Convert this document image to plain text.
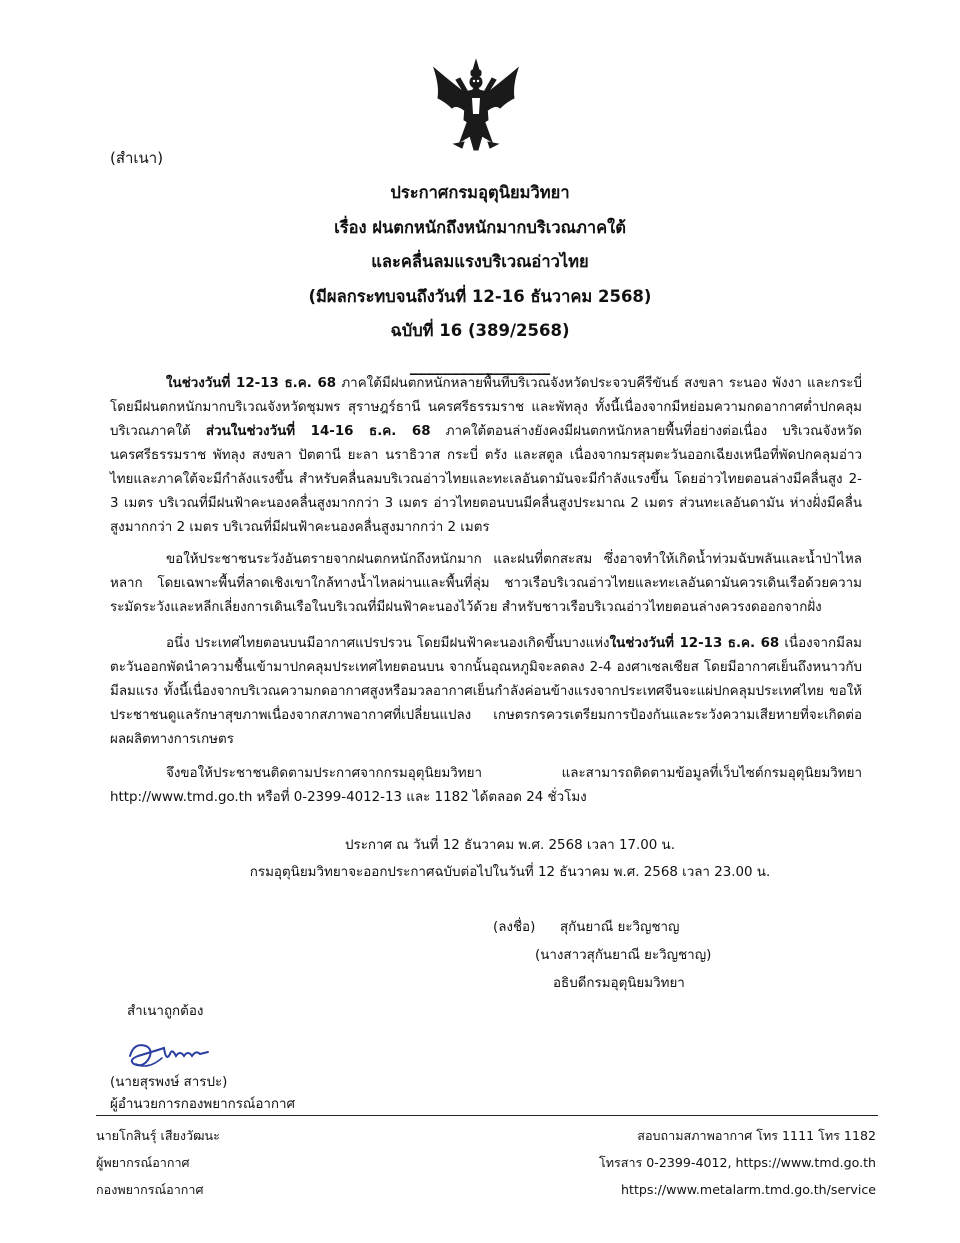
(สำเนา)
ประกาศกรมอุตุนิยมวิทยา
เรื่อง ฝนตกหนักถึงหนักมากบริเวณภาคใต้
และคลื่นลมแรงบริเวณอ่าวไทย
(มีผลกระทบจนถึงวันที่ 12-16 ธันวาคม 2568)
ฉบับที่ 16 (389/2568)
_________________
ในช่วงวันที่ 12-13 ธ.ค. 68 ภาคใต้มีฝนตกหนักหลายพื้นที่บริเวณจังหวัดประจวบคีรีขันธ์ สงขลา ระนอง พังงา และกระบี่ โดยมีฝนตกหนักมากบริเวณจังหวัดชุมพร สุราษฎร์ธานี นครศรีธรรมราช และพัทลุง ทั้งนี้เนื่องจากมีหย่อมความกดอากาศต่ำปกคลุมบริเวณภาคใต้ ส่วนในช่วงวันที่ 14-16 ธ.ค. 68 ภาคใต้ตอนล่างยังคงมีฝนตกหนักหลายพื้นที่อย่างต่อเนื่อง บริเวณจังหวัดนครศรีธรรมราช พัทลุง สงขลา ปัตตานี ยะลา นราธิวาส กระบี่ ตรัง และสตูล เนื่องจากมรสุมตะวันออกเฉียงเหนือที่พัดปกคลุมอ่าวไทยและภาคใต้จะมีกำลังแรงขึ้น สำหรับคลื่นลมบริเวณอ่าวไทยและทะเลอันดามันจะมีกำลังแรงขึ้น โดยอ่าวไทยตอนล่างมีคลื่นสูง 2-3 เมตร บริเวณที่มีฝนฟ้าคะนองคลื่นสูงมากกว่า 3 เมตร อ่าวไทยตอนบนมีคลื่นสูงประมาณ 2 เมตร ส่วนทะเลอันดามัน ห่างฝั่งมีคลื่นสูงมากกว่า 2 เมตร บริเวณที่มีฝนฟ้าคะนองคลื่นสูงมากกว่า 2 เมตร
ขอให้ประชาชนระวังอันตรายจากฝนตกหนักถึงหนักมาก และฝนที่ตกสะสม ซึ่งอาจทำให้เกิดน้ำท่วมฉับพลันและน้ำป่าไหลหลาก โดยเฉพาะพื้นที่ลาดเชิงเขาใกล้ทางน้ำไหลผ่านและพื้นที่ลุ่ม ชาวเรือบริเวณอ่าวไทยและทะเลอันดามันควรเดินเรือด้วยความระมัดระวังและหลีกเลี่ยงการเดินเรือในบริเวณที่มีฝนฟ้าคะนองไว้ด้วย สำหรับชาวเรือบริเวณอ่าวไทยตอนล่างควรงดออกจากฝั่ง
อนึ่ง ประเทศไทยตอนบนมีอากาศแปรปรวน โดยมีฝนฟ้าคะนองเกิดขึ้นบางแห่งในช่วงวันที่ 12-13 ธ.ค. 68 เนื่องจากมีลมตะวันออกพัดนำความชื้นเข้ามาปกคลุมประเทศไทยตอนบน จากนั้นอุณหภูมิจะลดลง 2-4 องศาเซลเซียส โดยมีอากาศเย็นถึงหนาวกับมีลมแรง ทั้งนี้เนื่องจากบริเวณความกดอากาศสูงหรือมวลอากาศเย็นกำลังค่อนข้างแรงจากประเทศจีนจะแผ่ปกคลุมประเทศไทย ขอให้ประชาชนดูแลรักษาสุขภาพเนื่องจากสภาพอากาศที่เปลี่ยนแปลง เกษตรกรควรเตรียมการป้องกันและระวังความเสียหายที่จะเกิดต่อผลผลิตทางการเกษตร
จึงขอให้ประชาชนติดตามประกาศจากกรมอุตุนิยมวิทยา และสามารถติดตามข้อมูลที่เว็บไซต์กรมอุตุนิยมวิทยา http://www.tmd.go.th หรือที่ 0-2399-4012-13 และ 1182 ได้ตลอด 24 ชั่วโมง
ประกาศ ณ วันที่ 12 ธันวาคม พ.ศ. 2568 เวลา 17.00 น.
กรมอุตุนิยมวิทยาจะออกประกาศฉบับต่อไปในวันที่ 12 ธันวาคม พ.ศ. 2568 เวลา 23.00 น.
(ลงชื่อ) สุกันยาณี ยะวิญชาญ
(นางสาวสุกันยาณี ยะวิญชาญ)
อธิบดีกรมอุตุนิยมวิทยา
สำเนาถูกต้อง
(นายสุรพงษ์ สารปะ)
ผู้อำนวยการกองพยากรณ์อากาศ
นายโกสินรุ์ เสียงวัฒนะ
ผู้พยากรณ์อากาศ
กองพยากรณ์อากาศ
สอบถามสภาพอากาศ โทร 1111 โทร 1182
โทรสาร 0-2399-4012, https://www.tmd.go.th
https://www.metalarm.tmd.go.th/service
